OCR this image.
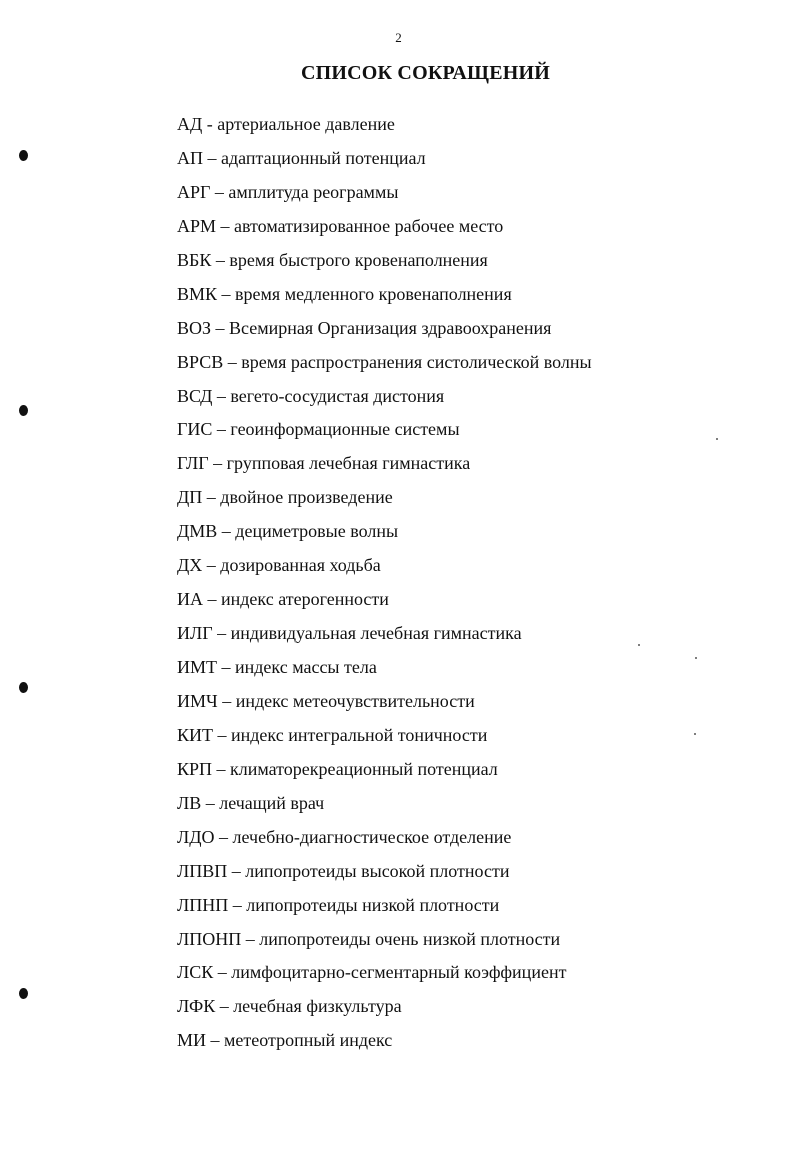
2
СПИСОК СОКРАЩЕНИЙ
АД - артериальное давление
АП – адаптационный потенциал
АРГ – амплитуда реограммы
АРМ – автоматизированное рабочее место
ВБК – время быстрого кровенаполнения
ВМК – время медленного кровенаполнения
ВОЗ – Всемирная Организация здравоохранения
ВРСВ – время распространения систолической волны
ВСД – вегето-сосудистая дистония
ГИС – геоинформационные системы
ГЛГ – групповая лечебная гимнастика
ДП – двойное произведение
ДМВ – дециметровые волны
ДХ – дозированная ходьба
ИА – индекс атерогенности
ИЛГ – индивидуальная лечебная гимнастика
ИМТ – индекс массы тела
ИМЧ – индекс метеочувствительности
КИТ – индекс интегральной тоничности
КРП – климаторекреационный потенциал
ЛВ – лечащий врач
ЛДО – лечебно-диагностическое отделение
ЛПВП – липопротеиды высокой плотности
ЛПНП – липопротеиды низкой плотности
ЛПОНП – липопротеиды очень низкой плотности
ЛСК – лимфоцитарно-сегментарный коэффициент
ЛФК – лечебная физкультура
МИ – метеотропный индекс
